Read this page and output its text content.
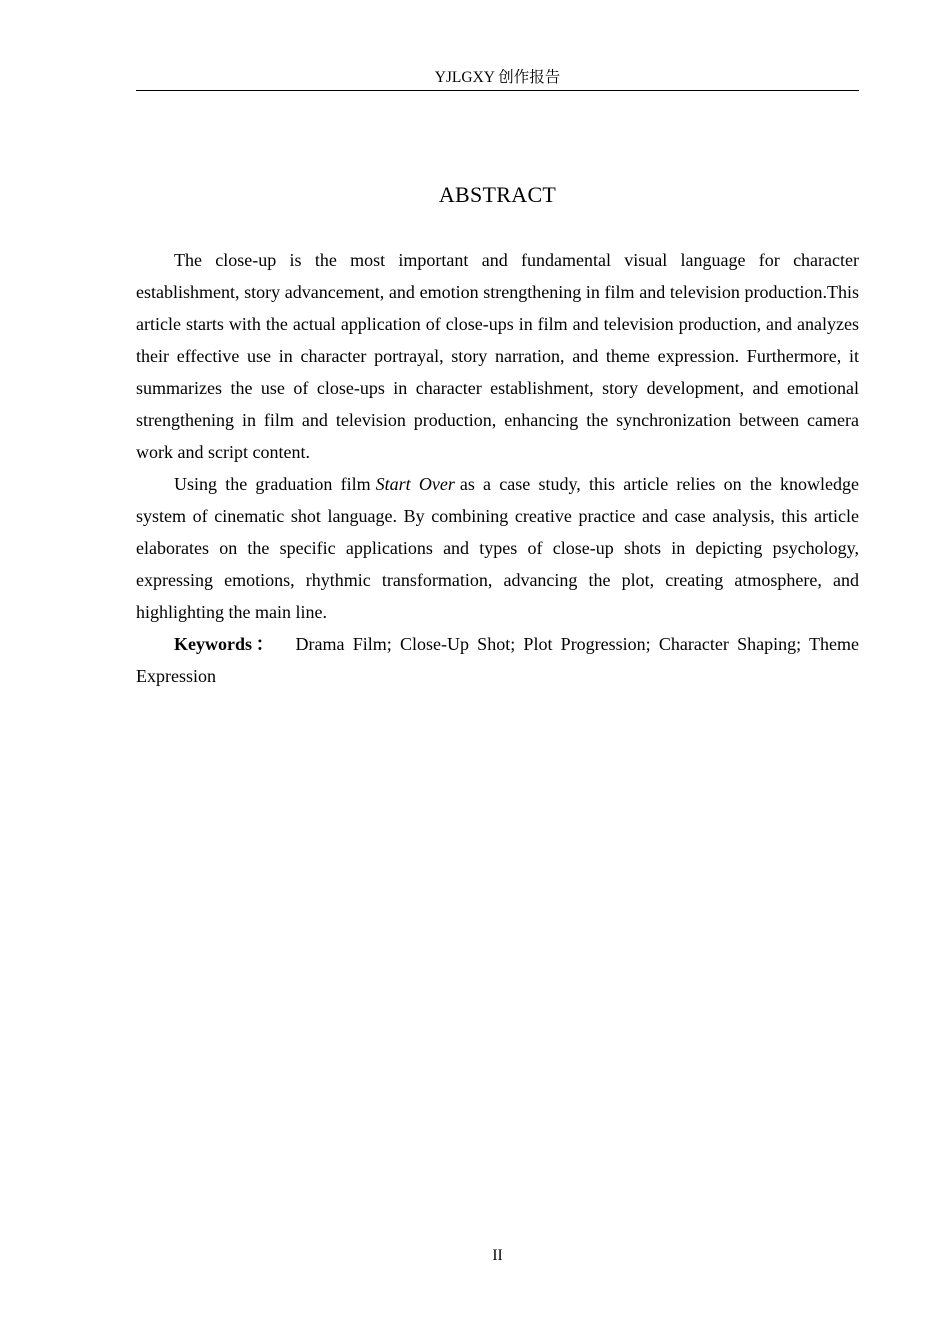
YJLGXY 创作报告
ABSTRACT

The close-up is the most important and fundamental visual language for character establishment, story advancement, and emotion strengthening in film and television production.This article starts with the actual application of close-ups in film and television production, and analyzes their effective use in character portrayal, story narration, and theme expression. Furthermore, it summarizes the use of close-ups in character establishment, story development, and emotional strengthening in film and television production, enhancing the synchronization between camera work and script content.

Using the graduation film Start Over as a case study, this article relies on the knowledge system of cinematic shot language. By combining creative practice and case analysis, this article elaborates on the specific applications and types of close-up shots in depicting psychology, expressing emotions, rhythmic transformation, advancing the plot, creating atmosphere, and highlighting the main line.

Keywords： Drama Film; Close-Up Shot; Plot Progression; Character Shaping; Theme Expression

II
